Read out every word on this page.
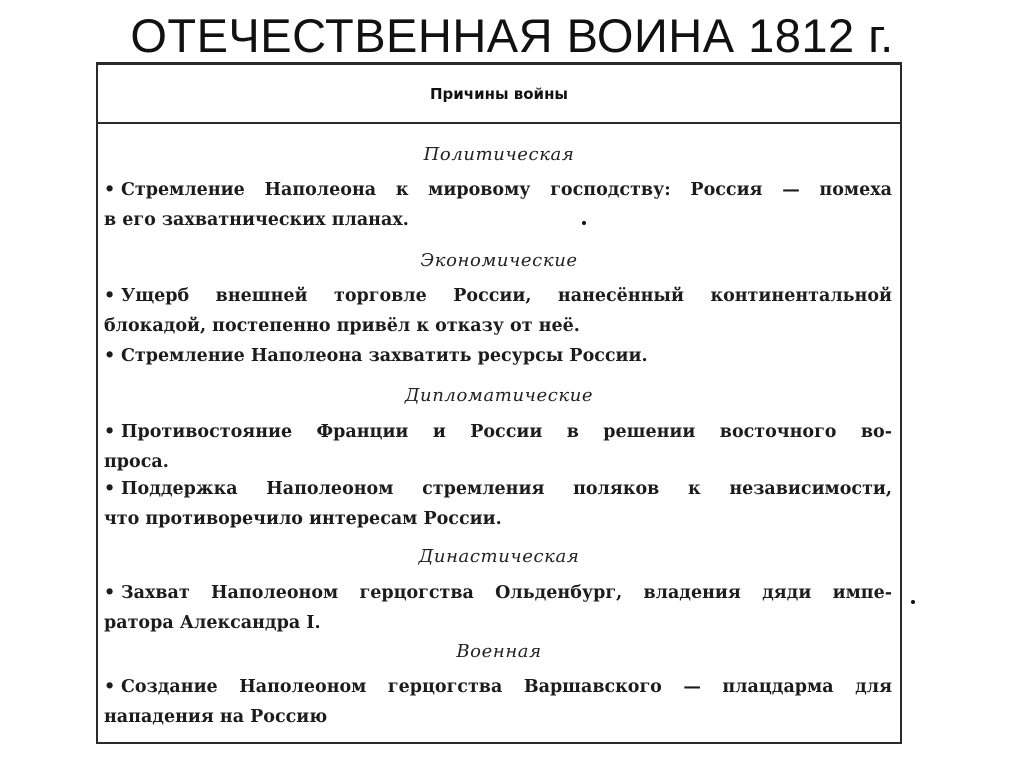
ОТЕЧЕСТВЕННАЯ ВОИНА 1812 г.
Причины войны
Политическая
• Стремление Наполеона к мировому господству: Россия — помеха
в его захватнических планах.
Экономические
• Ущерб внешней торговле России, нанесённый континентальной
блокадой, постепенно привёл к отказу от неё.
• Стремление Наполеона захватить ресурсы России.
Дипломатические
• Противостояние Франции и России в решении восточного во-
проса.
• Поддержка Наполеоном стремления поляков к независимости,
что противоречило интересам России.
Династическая
• Захват Наполеоном герцогства Ольденбург, владения дяди импе-
ратора Александра I.
Военная
• Создание Наполеоном герцогства Варшавского — плацдарма для
нападения на Россию
